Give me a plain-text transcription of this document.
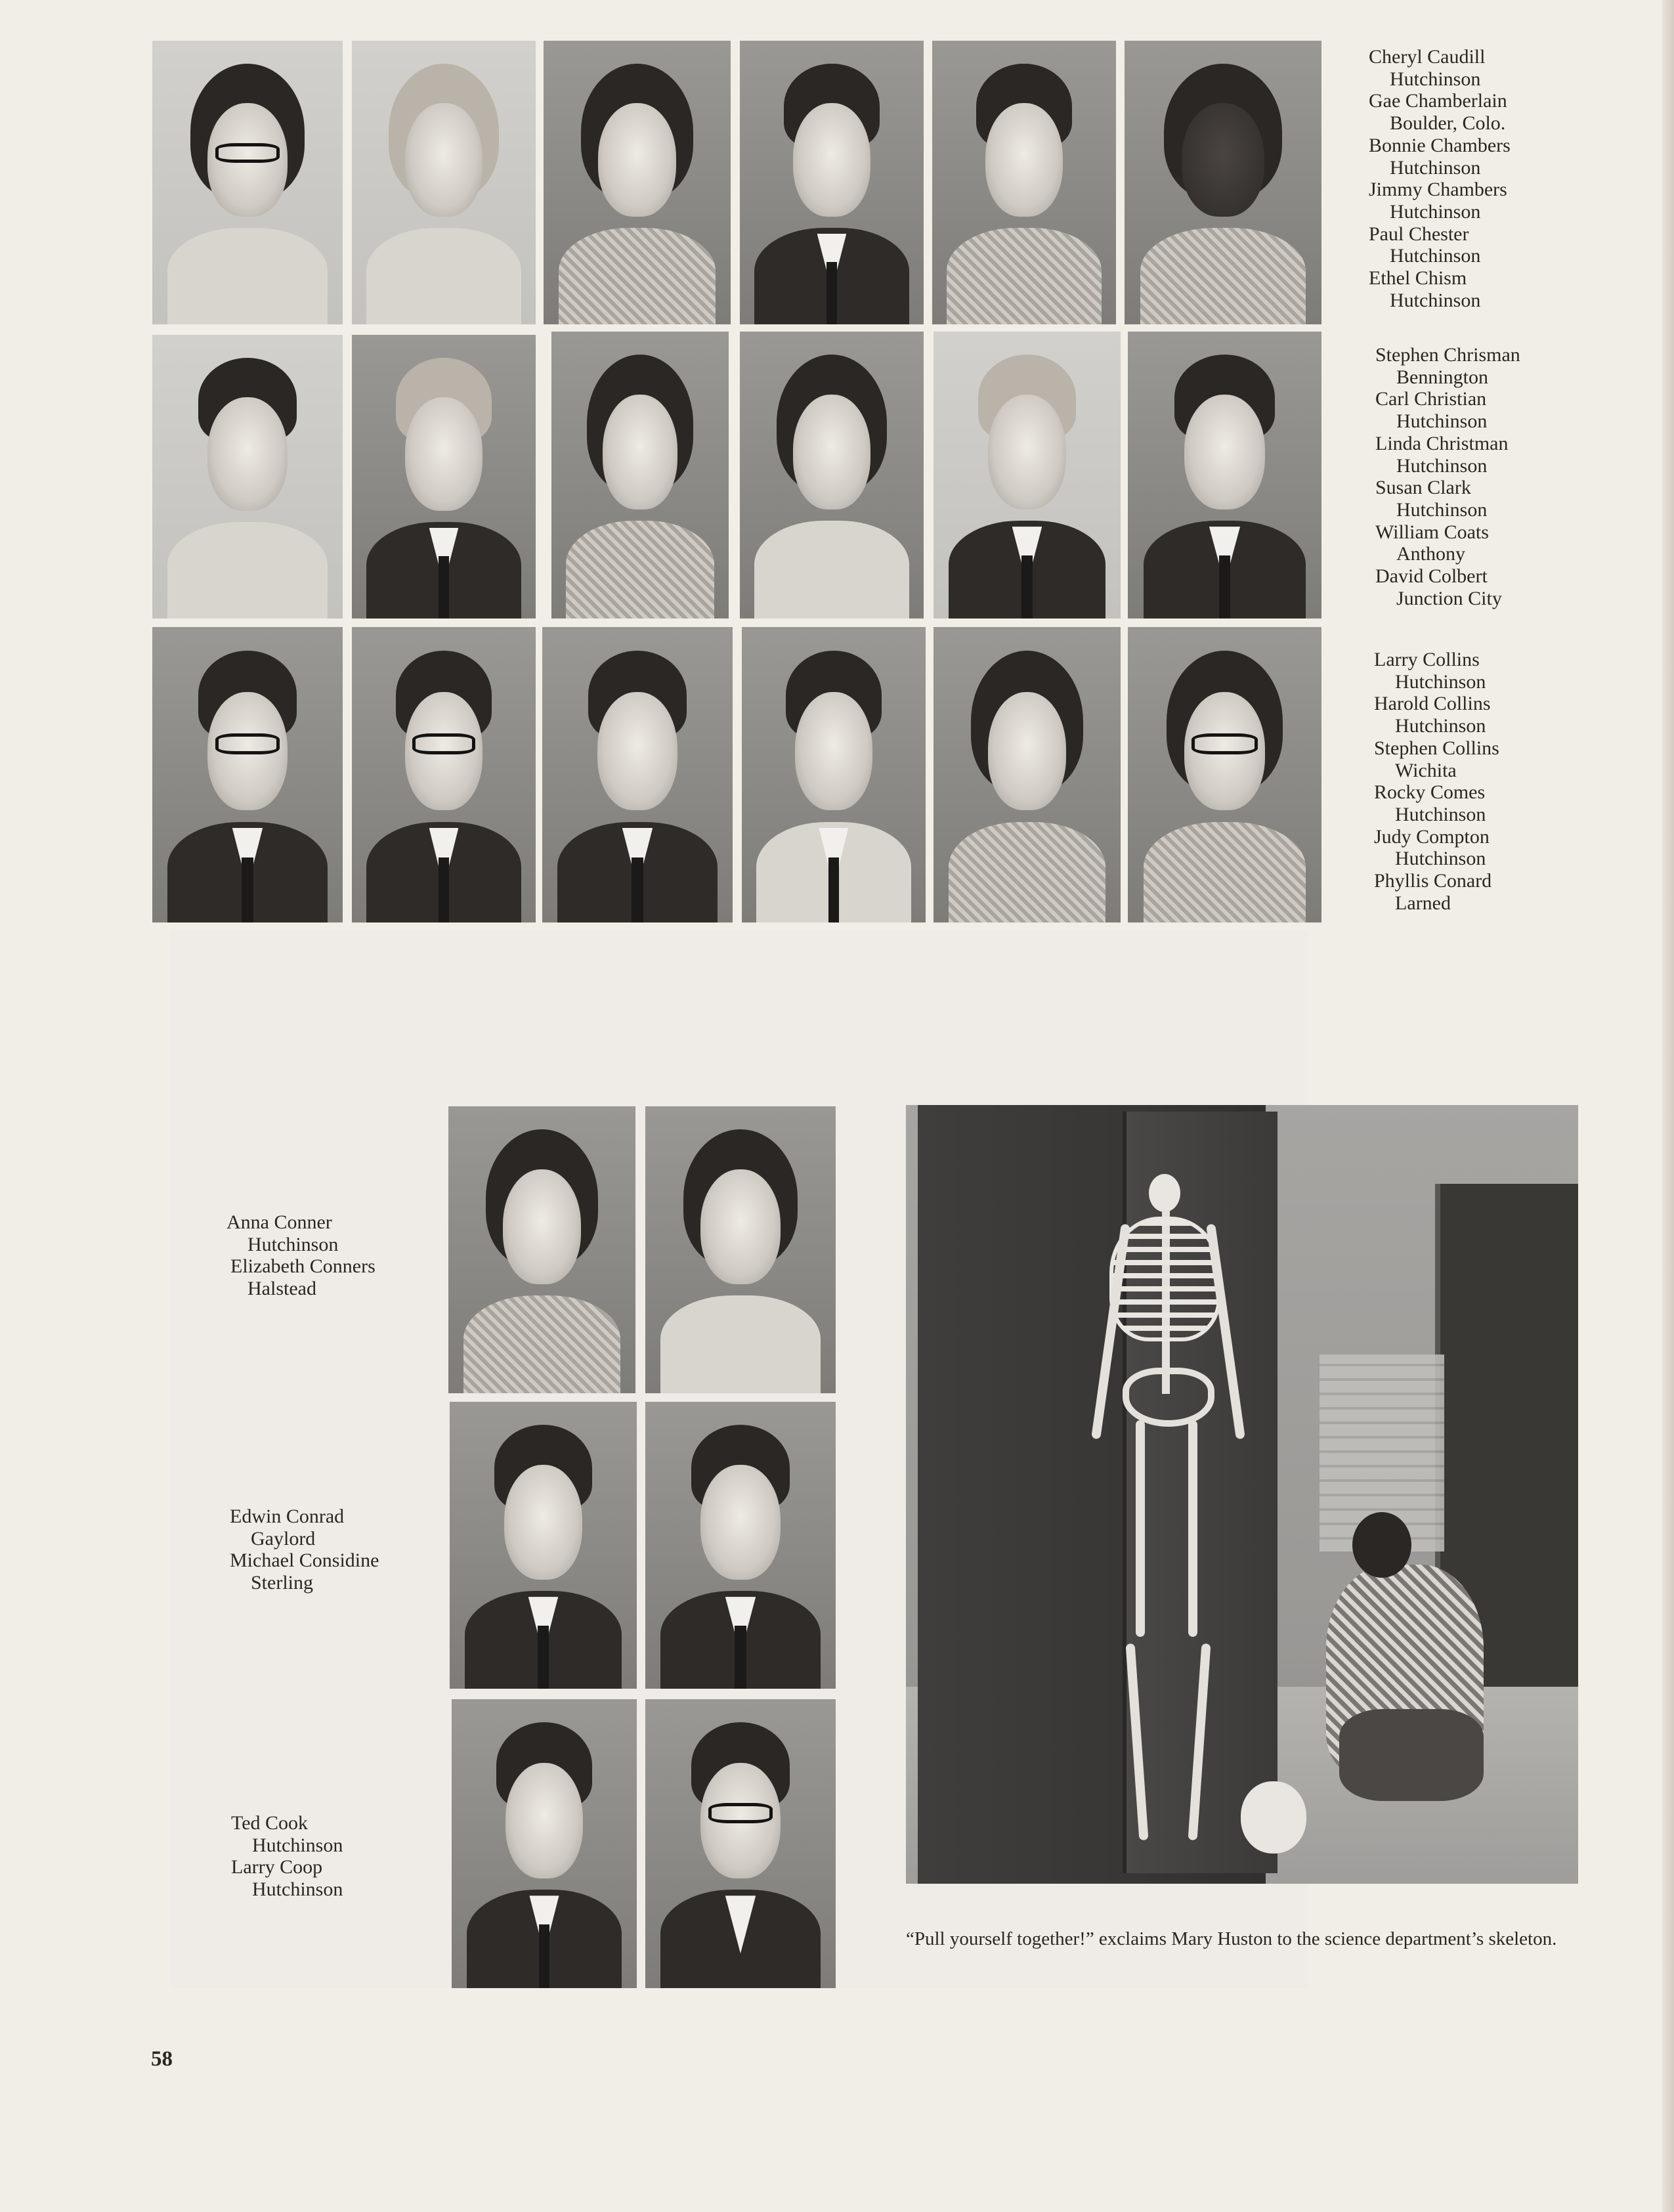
Cheryl Caudill
Hutchinson
Gae Chamberlain
Boulder, Colo.
Bonnie Chambers
Hutchinson
Jimmy Chambers
Hutchinson
Paul Chester
Hutchinson
Ethel Chism
Hutchinson
Stephen Chrisman
Bennington
Carl Christian
Hutchinson
Linda Christman
Hutchinson
Susan Clark
Hutchinson
William Coats
Anthony
David Colbert
Junction City
Larry Collins
Hutchinson
Harold Collins
Hutchinson
Stephen Collins
Wichita
Rocky Comes
Hutchinson
Judy Compton
Hutchinson
Phyllis Conard
Larned
Anna Conner
Hutchinson
Elizabeth Conners
Halstead
Edwin Conrad
Gaylord
Michael Considine
Sterling
Ted Cook
Hutchinson
Larry Coop
Hutchinson
“Pull yourself together!” exclaims Mary Huston to the science department’s skeleton.
58
